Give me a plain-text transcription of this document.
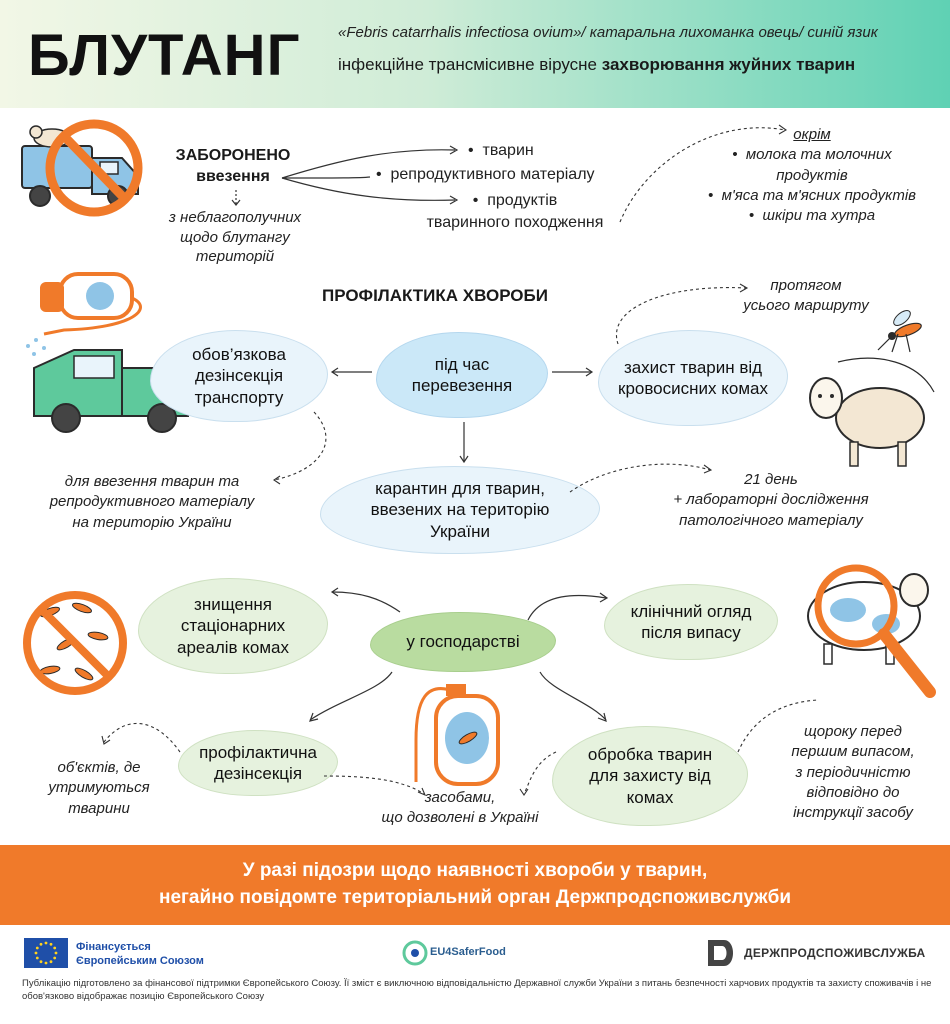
БЛУТАНГ	«Febris catarrhalis infectiosa ovium»/ катаральна лихоманка овець/ синій язик
інфекційне трансмісивне вірусне захворювання жуйних тварин
ЗАБОРОНЕНО
ввезення
•  тварин
•  репродуктивного матеріалу
•  продуктів
тваринного походження
з неблагополучних
щодо блутангу
територій
окрім
•  молока та молочних
продуктів
•  м'яса та м'ясних продуктів
•  шкіри та хутра
ПРОФІЛАКТИКА ХВОРОБИ
обов’язкова дезінсекція транспорту
під час перевезення
захист тварин від кровосисних комах
карантин для тварин, ввезених на територію України
для ввезення тварин та
репродуктивного матеріалу
на територію України
протягом
усього маршруту
21 день
+ лабораторні дослідження
патологічного матеріалу
знищення стаціонарних ареалів комах	у господарстві
клінічний огляд після випасу
профілактична дезінсекція
обробка тварин для захисту від комах
об'єктів, де
утримуються
тварини
засобами,
що дозволені в Україні
щороку перед
першим випасом,
з періодичністю
відповідно до
інструкції засобу
У разі підозри щодо наявності хвороби у тварин,
негайно повідомте територіальний орган Держпродспоживслужби
Фінансується
Європейським Союзом
EU4SaferFood	ДЕРЖПРОДСПОЖИВСЛУЖБА
Публікацію підготовлено за фінансової підтримки Європейського Союзу. Її зміст є виключною відповідальністю Державної служби України з питань безпечності харчових продуктів та захисту споживачів і не обов'язково відображає позицію Європейського Союзу
